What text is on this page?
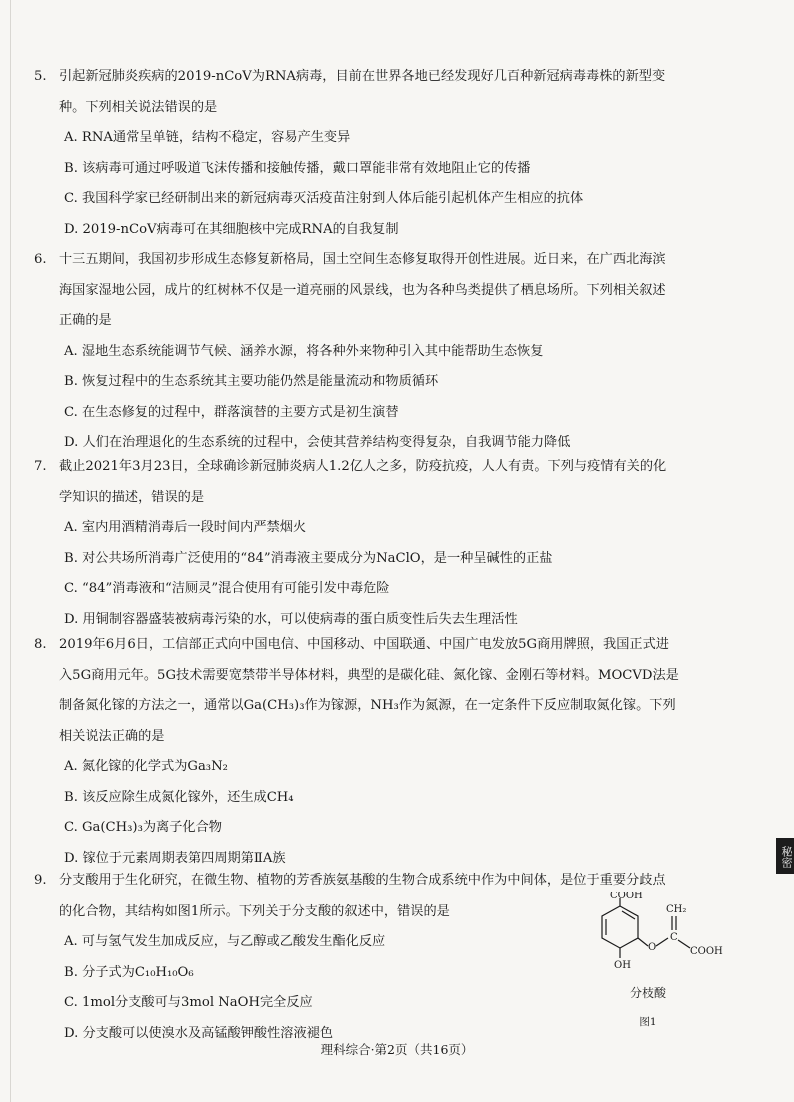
5. 引起新冠肺炎疾病的2019-nCoV为RNA病毒，目前在世界各地已经发现好几百种新冠病毒毒株的新型变
种。下列相关说法错误的是
A. RNA通常呈单链，结构不稳定，容易产生变异
B. 该病毒可通过呼吸道飞沫传播和接触传播，戴口罩能非常有效地阻止它的传播
C. 我国科学家已经研制出来的新冠病毒灭活疫苗注射到人体后能引起机体产生相应的抗体
D. 2019-nCoV病毒可在其细胞核中完成RNA的自我复制
6. 十三五期间，我国初步形成生态修复新格局，国土空间生态修复取得开创性进展。近日来，在广西北海滨
海国家湿地公园，成片的红树林不仅是一道亮丽的风景线，也为各种鸟类提供了栖息场所。下列相关叙述
正确的是
A. 湿地生态系统能调节气候、涵养水源，将各种外来物种引入其中能帮助生态恢复
B. 恢复过程中的生态系统其主要功能仍然是能量流动和物质循环
C. 在生态修复的过程中，群落演替的主要方式是初生演替
D. 人们在治理退化的生态系统的过程中，会使其营养结构变得复杂，自我调节能力降低
7. 截止2021年3月23日，全球确诊新冠肺炎病人1.2亿人之多，防疫抗疫，人人有责。下列与疫情有关的化
学知识的描述，错误的是
A. 室内用酒精消毒后一段时间内严禁烟火
B. 对公共场所消毒广泛使用的“84”消毒液主要成分为NaClO，是一种呈碱性的正盐
C. “84”消毒液和“洁厕灵”混合使用有可能引发中毒危险
D. 用铜制容器盛装被病毒污染的水，可以使病毒的蛋白质变性后失去生理活性
8. 2019年6月6日，工信部正式向中国电信、中国移动、中国联通、中国广电发放5G商用牌照，我国正式进
入5G商用元年。5G技术需要宽禁带半导体材料，典型的是碳化硅、氮化镓、金刚石等材料。MOCVD法是
制备氮化镓的方法之一，通常以Ga(CH₃)₃作为镓源，NH₃作为氮源，在一定条件下反应制取氮化镓。下列
相关说法正确的是
A. 氮化镓的化学式为Ga₃N₂
B. 该反应除生成氮化镓外，还生成CH₄
C. Ga(CH₃)₃为离子化合物
D. 镓位于元素周期表第四周期第ⅡA族
9. 分支酸用于生化研究，在微生物、植物的芳香族氨基酸的生物合成系统中作为中间体，是位于重要分歧点
的化合物，其结构如图1所示。下列关于分支酸的叙述中，错误的是
A. 可与氢气发生加成反应，与乙醇或乙酸发生酯化反应
B. 分子式为C₁₀H₁₀O₆
C. 1mol分支酸可与3mol NaOH完全反应
D. 分支酸可以使溴水及高锰酸钾酸性溶液褪色
COOH
CH₂
O
C
COOH
OH
分枝酸
图1
秘密
理科综合·第2页（共16页）
